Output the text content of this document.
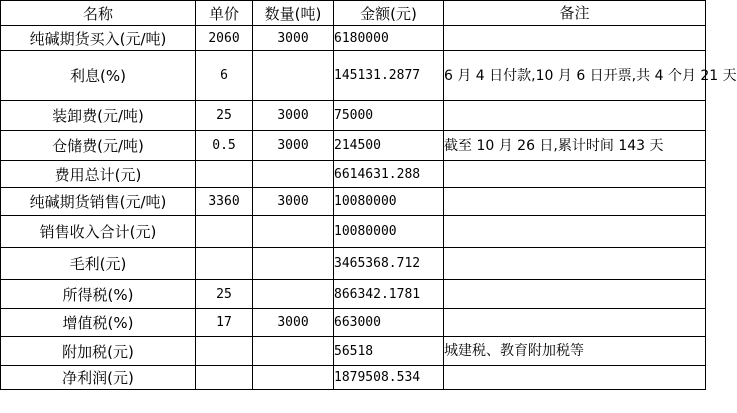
名称	单价	数量(吨)	金额(元)	备注
纯碱期货买入(元/吨)	2060	3000	6180000	
利息(%)	6		145131.2877	6 月 4 日付款,10 月 6 日开票,共 4 个月 21 天
装卸费(元/吨)	25	3000	75000	
仓储费(元/吨)	0.5	3000	214500	截至 10 月 26 日,累计时间 143 天
费用总计(元)			6614631.288	
纯碱期货销售(元/吨)	3360	3000	10080000	
销售收入合计(元)			10080000	
毛利(元)			3465368.712	
所得税(%)	25		866342.1781	
增值税(%)	17	3000	663000	
附加税(元)			56518	城建税、教育附加税等
净利润(元)			1879508.534	
